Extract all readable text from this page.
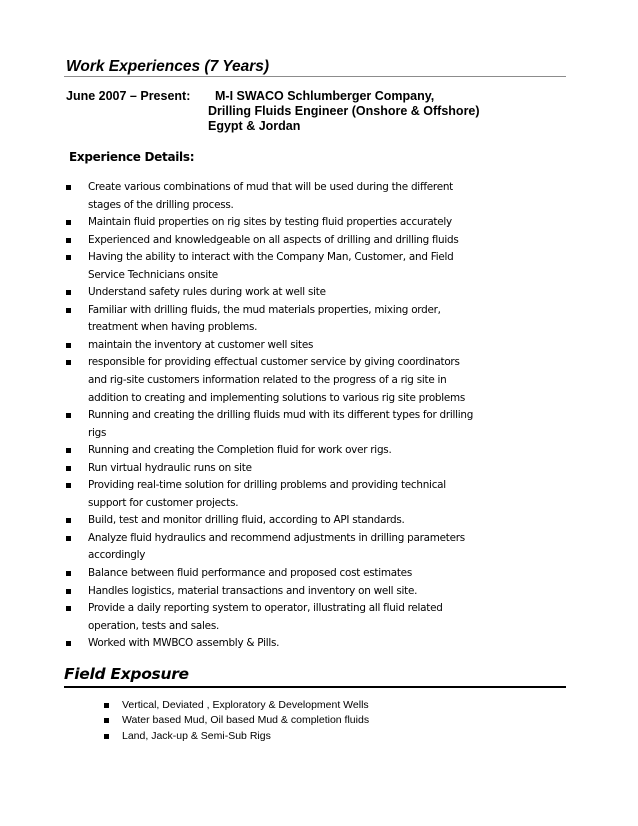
Work Experiences (7 Years)
June 2007 – Present:	M-I SWACO Schlumberger Company,
Drilling Fluids Engineer (Onshore & Offshore)
Egypt & Jordan
Experience Details:
Create various combinations of mud that will be used during the different
stages of the drilling process.
Maintain fluid properties on rig sites by testing fluid properties accurately
Experienced and knowledgeable on all aspects of drilling and drilling fluids
Having the ability to interact with the Company Man, Customer, and Field
Service Technicians onsite
Understand safety rules during work at well site
Familiar with drilling fluids, the mud materials properties, mixing order,
treatment when having problems.
maintain the inventory at customer well sites
responsible for providing effectual customer service by giving coordinators
and rig-site customers information related to the progress of a rig site in
addition to creating and implementing solutions to various rig site problems
Running and creating the drilling fluids mud with its different types for drilling
rigs
Running and creating the Completion fluid for work over rigs.
Run virtual hydraulic runs on site
Providing real-time solution for drilling problems and providing technical
support for customer projects.
Build, test and monitor drilling fluid, according to API standards.
Analyze fluid hydraulics and recommend adjustments in drilling parameters
accordingly
Balance between fluid performance and proposed cost estimates
Handles logistics, material transactions and inventory on well site.
Provide a daily reporting system to operator, illustrating all fluid related
operation, tests and sales.
Worked with MWBCO assembly & Pills.
Field Exposure
Vertical, Deviated , Exploratory & Development Wells
Water based Mud, Oil based Mud & completion fluids
Land, Jack-up & Semi-Sub Rigs
